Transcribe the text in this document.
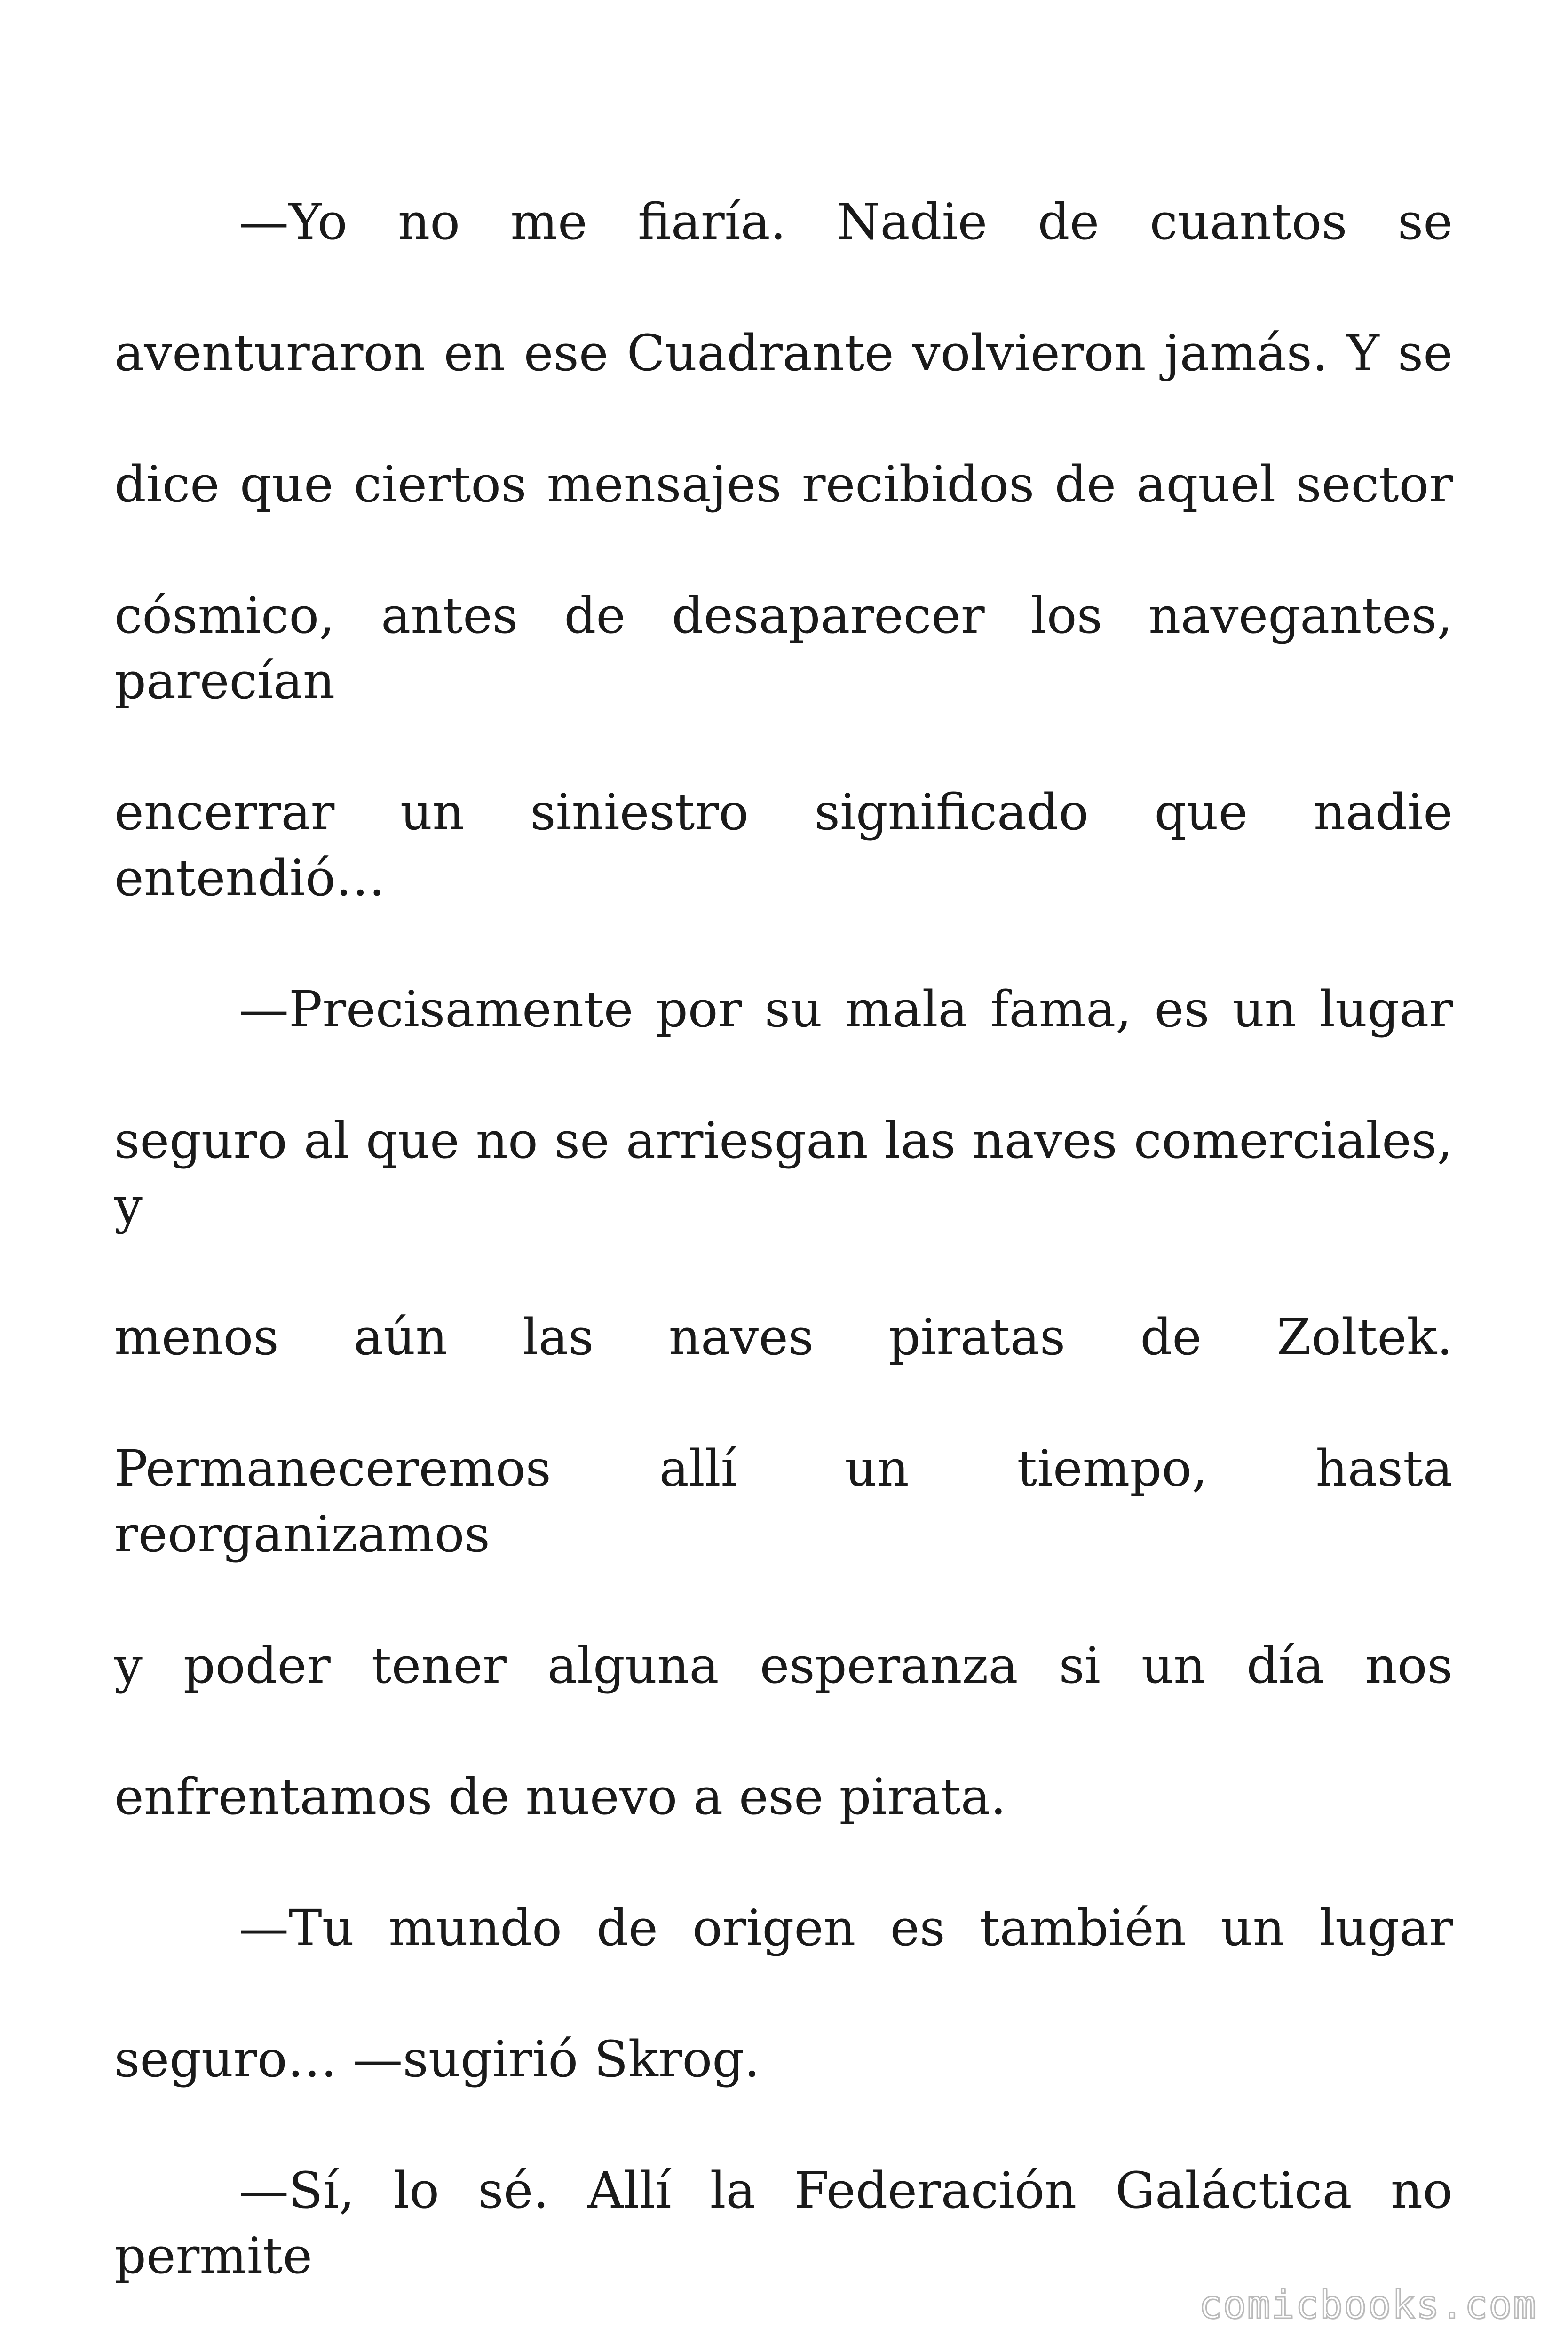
—Yo no me fiaría. Nadie de cuantos se

aventuraron en ese Cuadrante volvieron jamás. Y se

dice que ciertos mensajes recibidos de aquel sector

cósmico, antes de desaparecer los navegantes, parecían

encerrar un siniestro significado que nadie entendió…

—Precisamente por su mala fama, es un lugar

seguro al que no se arriesgan las naves comerciales, y

menos aún las naves piratas de Zoltek.

Permaneceremos allí un tiempo, hasta reorganizamos

y poder tener alguna esperanza si un día nos

enfrentamos de nuevo a ese pirata.

—Tu mundo de origen es también un lugar

seguro… —sugirió Skrog.

—Sí, lo sé. Allí la Federación Galáctica no permite

comicbooks.com
